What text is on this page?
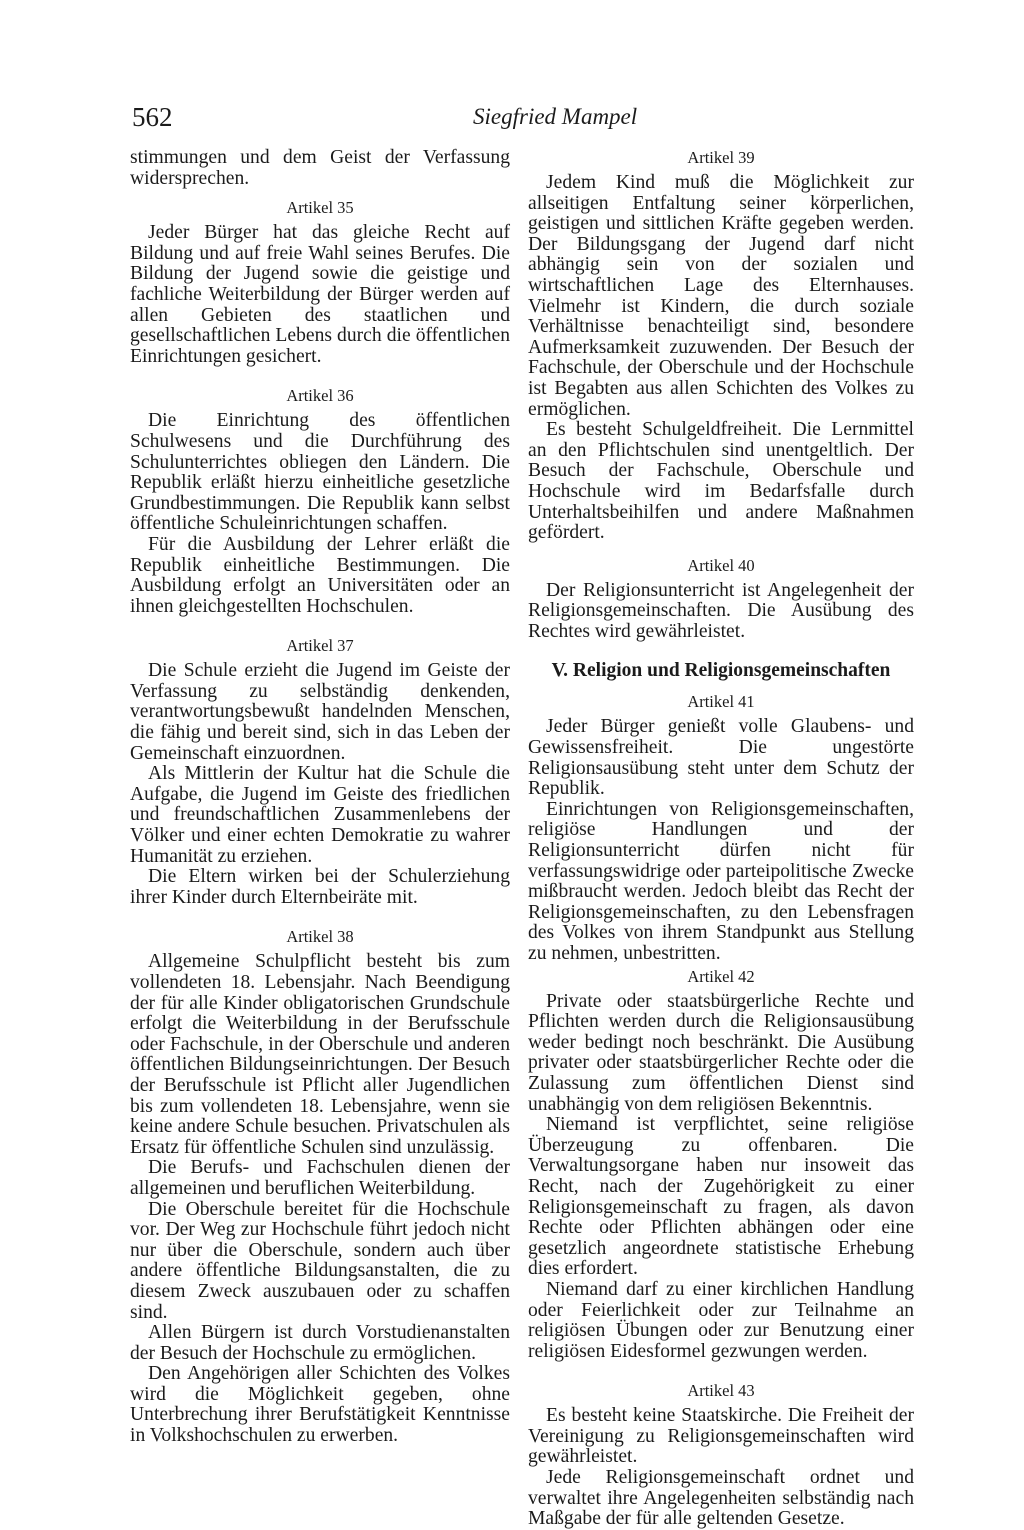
562	Siegfried Mampel
stimmungen und dem Geist der Verfassung widersprechen.
Artikel 35
Jeder Bürger hat das gleiche Recht auf Bildung und auf freie Wahl seines Berufes. Die Bildung der Jugend sowie die geistige und fachliche Weiterbildung der Bürger werden auf allen Gebieten des staatlichen und gesellschaftlichen Lebens durch die öffentlichen Einrichtungen gesichert.
Artikel 36
Die Einrichtung des öffentlichen Schulwesens und die Durchführung des Schulunterrichtes obliegen den Ländern. Die Republik erläßt hierzu einheitliche gesetzliche Grundbestimmungen. Die Republik kann selbst öffentliche Schuleinrichtungen schaffen.
Für die Ausbildung der Lehrer erläßt die Republik einheitliche Bestimmungen. Die Ausbildung erfolgt an Universitäten oder an ihnen gleichgestellten Hochschulen.
Artikel 37
Die Schule erzieht die Jugend im Geiste der Verfassung zu selbständig denkenden, verantwortungsbewußt handelnden Menschen, die fähig und bereit sind, sich in das Leben der Gemeinschaft einzuordnen.
Als Mittlerin der Kultur hat die Schule die Aufgabe, die Jugend im Geiste des friedlichen und freundschaftlichen Zusammenlebens der Völker und einer echten Demokratie zu wahrer Humanität zu erziehen.
Die Eltern wirken bei der Schulerziehung ihrer Kinder durch Elternbeiräte mit.
Artikel 38
Allgemeine Schulpflicht besteht bis zum vollendeten 18. Lebensjahr. Nach Beendigung der für alle Kinder obligatorischen Grundschule erfolgt die Weiterbildung in der Berufsschule oder Fachschule, in der Oberschule und anderen öffentlichen Bildungseinrichtungen. Der Besuch der Berufsschule ist Pflicht aller Jugendlichen bis zum vollendeten 18. Lebensjahre, wenn sie keine andere Schule besuchen. Privatschulen als Ersatz für öffentliche Schulen sind unzulässig.
Die Berufs- und Fachschulen dienen der allgemeinen und beruflichen Weiterbildung.
Die Oberschule bereitet für die Hochschule vor. Der Weg zur Hochschule führt jedoch nicht nur über die Oberschule, sondern auch über andere öffentliche Bildungsanstalten, die zu diesem Zweck auszubauen oder zu schaffen sind.
Allen Bürgern ist durch Vorstudienanstalten der Besuch der Hochschule zu ermöglichen.
Den Angehörigen aller Schichten des Volkes wird die Möglichkeit gegeben, ohne Unterbrechung ihrer Berufstätigkeit Kenntnisse in Volkshochschulen zu erwerben.
Artikel 39
Jedem Kind muß die Möglichkeit zur allseitigen Entfaltung seiner körperlichen, geistigen und sittlichen Kräfte gegeben werden. Der Bildungsgang der Jugend darf nicht abhängig sein von der sozialen und wirtschaftlichen Lage des Elternhauses. Vielmehr ist Kindern, die durch soziale Verhältnisse benachteiligt sind, besondere Aufmerksamkeit zuzuwenden. Der Besuch der Fachschule, der Oberschule und der Hochschule ist Begabten aus allen Schichten des Volkes zu ermöglichen.
Es besteht Schulgeldfreiheit. Die Lernmittel an den Pflichtschulen sind unentgeltlich. Der Besuch der Fachschule, Oberschule und Hochschule wird im Bedarfsfalle durch Unterhaltsbeihilfen und andere Maßnahmen gefördert.
Artikel 40
Der Religionsunterricht ist Angelegenheit der Religionsgemeinschaften. Die Ausübung des Rechtes wird gewährleistet.
V. Religion und Religionsgemeinschaften
Artikel 41
Jeder Bürger genießt volle Glaubens- und Gewissensfreiheit. Die ungestörte Religionsausübung steht unter dem Schutz der Republik.
Einrichtungen von Religionsgemeinschaften, religiöse Handlungen und der Religionsunterricht dürfen nicht für verfassungswidrige oder parteipolitische Zwecke mißbraucht werden. Jedoch bleibt das Recht der Religionsgemeinschaften, zu den Lebensfragen des Volkes von ihrem Standpunkt aus Stellung zu nehmen, unbestritten.
Artikel 42
Private oder staatsbürgerliche Rechte und Pflichten werden durch die Religionsausübung weder bedingt noch beschränkt. Die Ausübung privater oder staatsbürgerlicher Rechte oder die Zulassung zum öffentlichen Dienst sind unabhängig von dem religiösen Bekenntnis.
Niemand ist verpflichtet, seine religiöse Überzeugung zu offenbaren. Die Verwaltungsorgane haben nur insoweit das Recht, nach der Zugehörigkeit zu einer Religionsgemeinschaft zu fragen, als davon Rechte oder Pflichten abhängen oder eine gesetzlich angeordnete statistische Erhebung dies erfordert.
Niemand darf zu einer kirchlichen Handlung oder Feierlichkeit oder zur Teilnahme an religiösen Übungen oder zur Benutzung einer religiösen Eidesformel gezwungen werden.
Artikel 43
Es besteht keine Staatskirche. Die Freiheit der Vereinigung zu Religionsgemeinschaften wird gewährleistet.
Jede Religionsgemeinschaft ordnet und verwaltet ihre Angelegenheiten selbständig nach Maßgabe der für alle geltenden Gesetze.
